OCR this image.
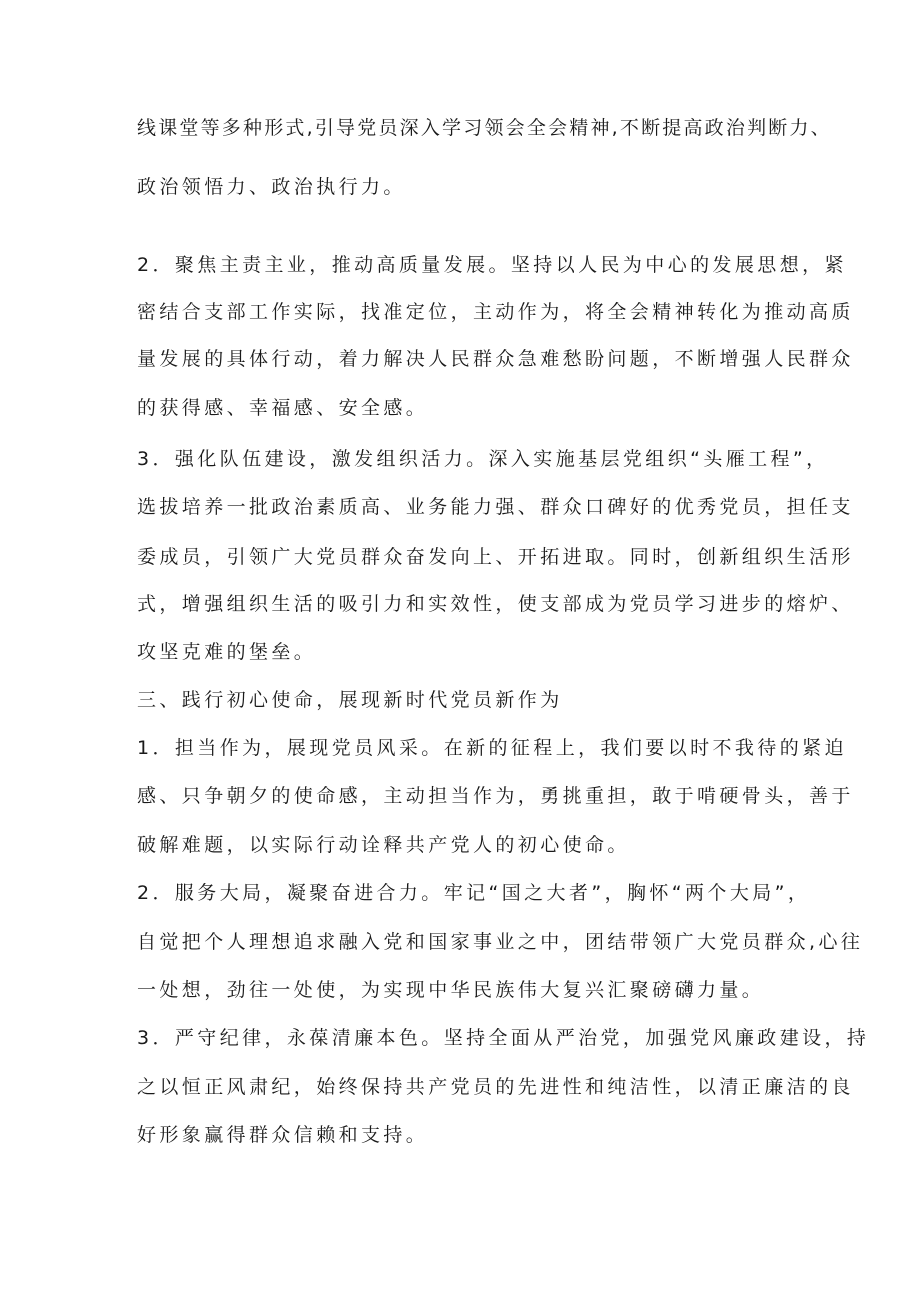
线课堂等多种形式,引导党员深入学习领会全会精神,不断提高政治判断力、
政治领悟力、政治执行力。
2．聚焦主责主业，推动高质量发展。坚持以人民为中心的发展思想，紧
密结合支部工作实际，找准定位，主动作为，将全会精神转化为推动高质
量发展的具体行动，着力解决人民群众急难愁盼问题，不断增强人民群众
的获得感、幸福感、安全感。
3．强化队伍建设，激发组织活力。深入实施基层党组织“头雁工程”，
选拔培养一批政治素质高、业务能力强、群众口碑好的优秀党员，担任支
委成员，引领广大党员群众奋发向上、开拓进取。同时，创新组织生活形
式，增强组织生活的吸引力和实效性，使支部成为党员学习进步的熔炉、
攻坚克难的堡垒。
三、践行初心使命，展现新时代党员新作为
1．担当作为，展现党员风采。在新的征程上，我们要以时不我待的紧迫
感、只争朝夕的使命感，主动担当作为，勇挑重担，敢于啃硬骨头，善于
破解难题，以实际行动诠释共产党人的初心使命。
2．服务大局，凝聚奋进合力。牢记“国之大者”，胸怀“两个大局”，
自觉把个人理想追求融入党和国家事业之中，团结带领广大党员群众,心往
一处想，劲往一处使，为实现中华民族伟大复兴汇聚磅礴力量。
3．严守纪律，永葆清廉本色。坚持全面从严治党，加强党风廉政建设，持
之以恒正风肃纪，始终保持共产党员的先进性和纯洁性，以清正廉洁的良
好形象赢得群众信赖和支持。
